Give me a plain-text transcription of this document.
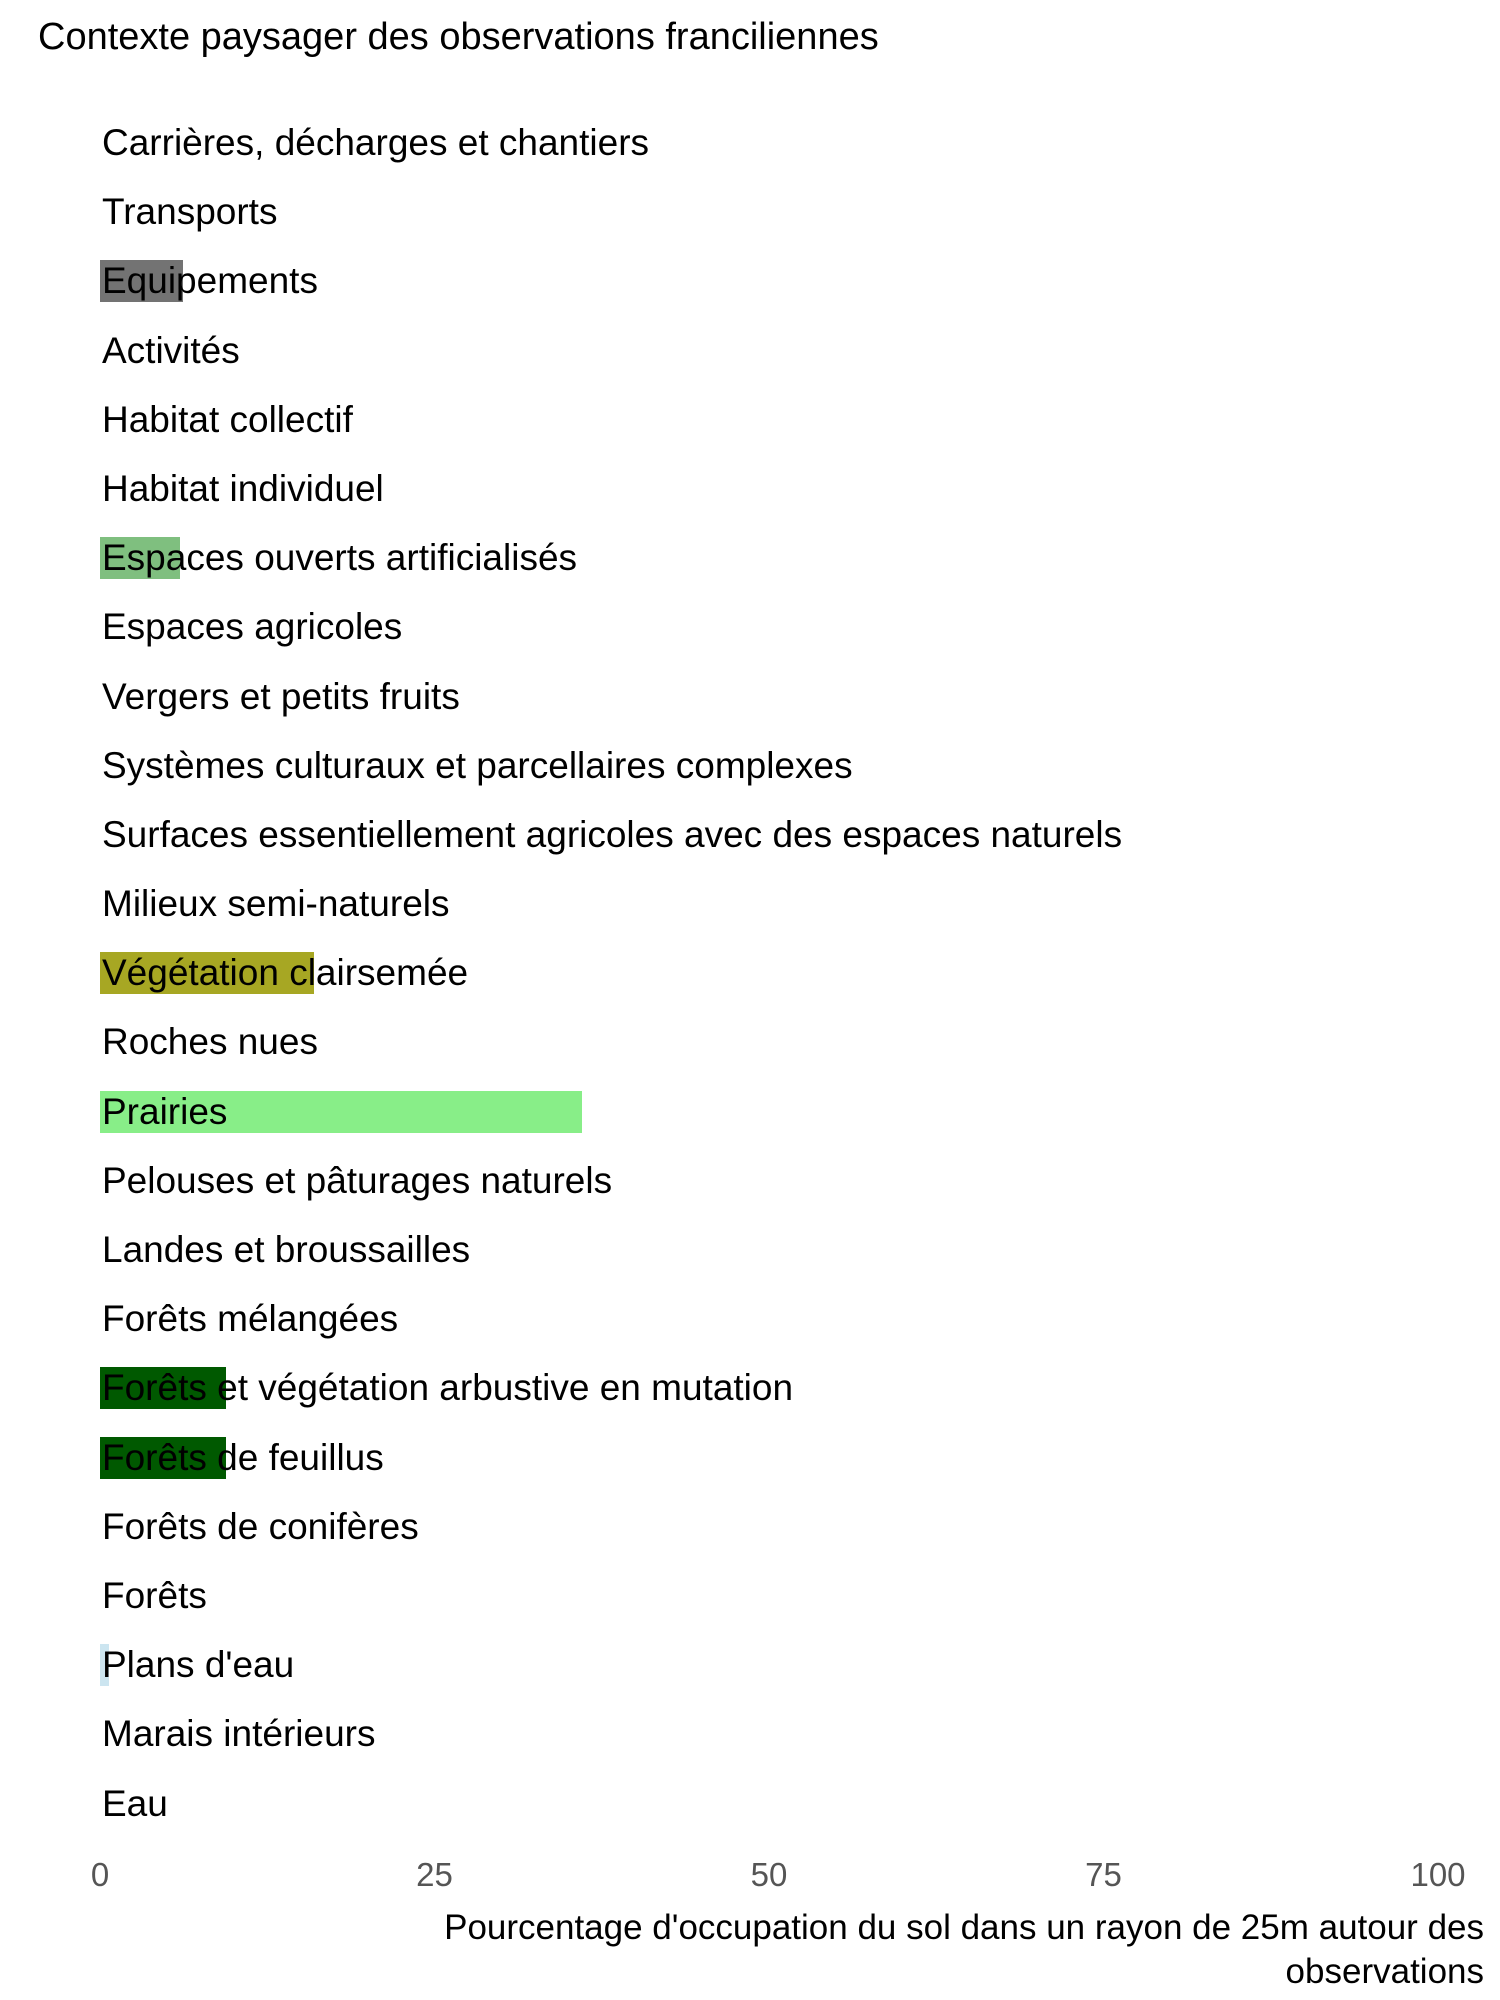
Contexte paysager des observations franciliennes
Carrières, décharges et chantiers
Transports
Equipements
Activités
Habitat collectif
Habitat individuel
Espaces ouverts artificialisés
Espaces agricoles
Vergers et petits fruits
Systèmes culturaux et parcellaires complexes
Surfaces essentiellement agricoles avec des espaces naturels
Milieux semi-naturels
Végétation clairsemée
Roches nues
Prairies
Pelouses et pâturages naturels
Landes et broussailles
Forêts mélangées
Forêts et végétation arbustive en mutation
Forêts de feuillus
Forêts de conifères
Forêts
Plans d'eau
Marais intérieurs
Eau
0	25	50	75	100
Pourcentage d'occupation du sol dans un rayon de 25m autour des observations
